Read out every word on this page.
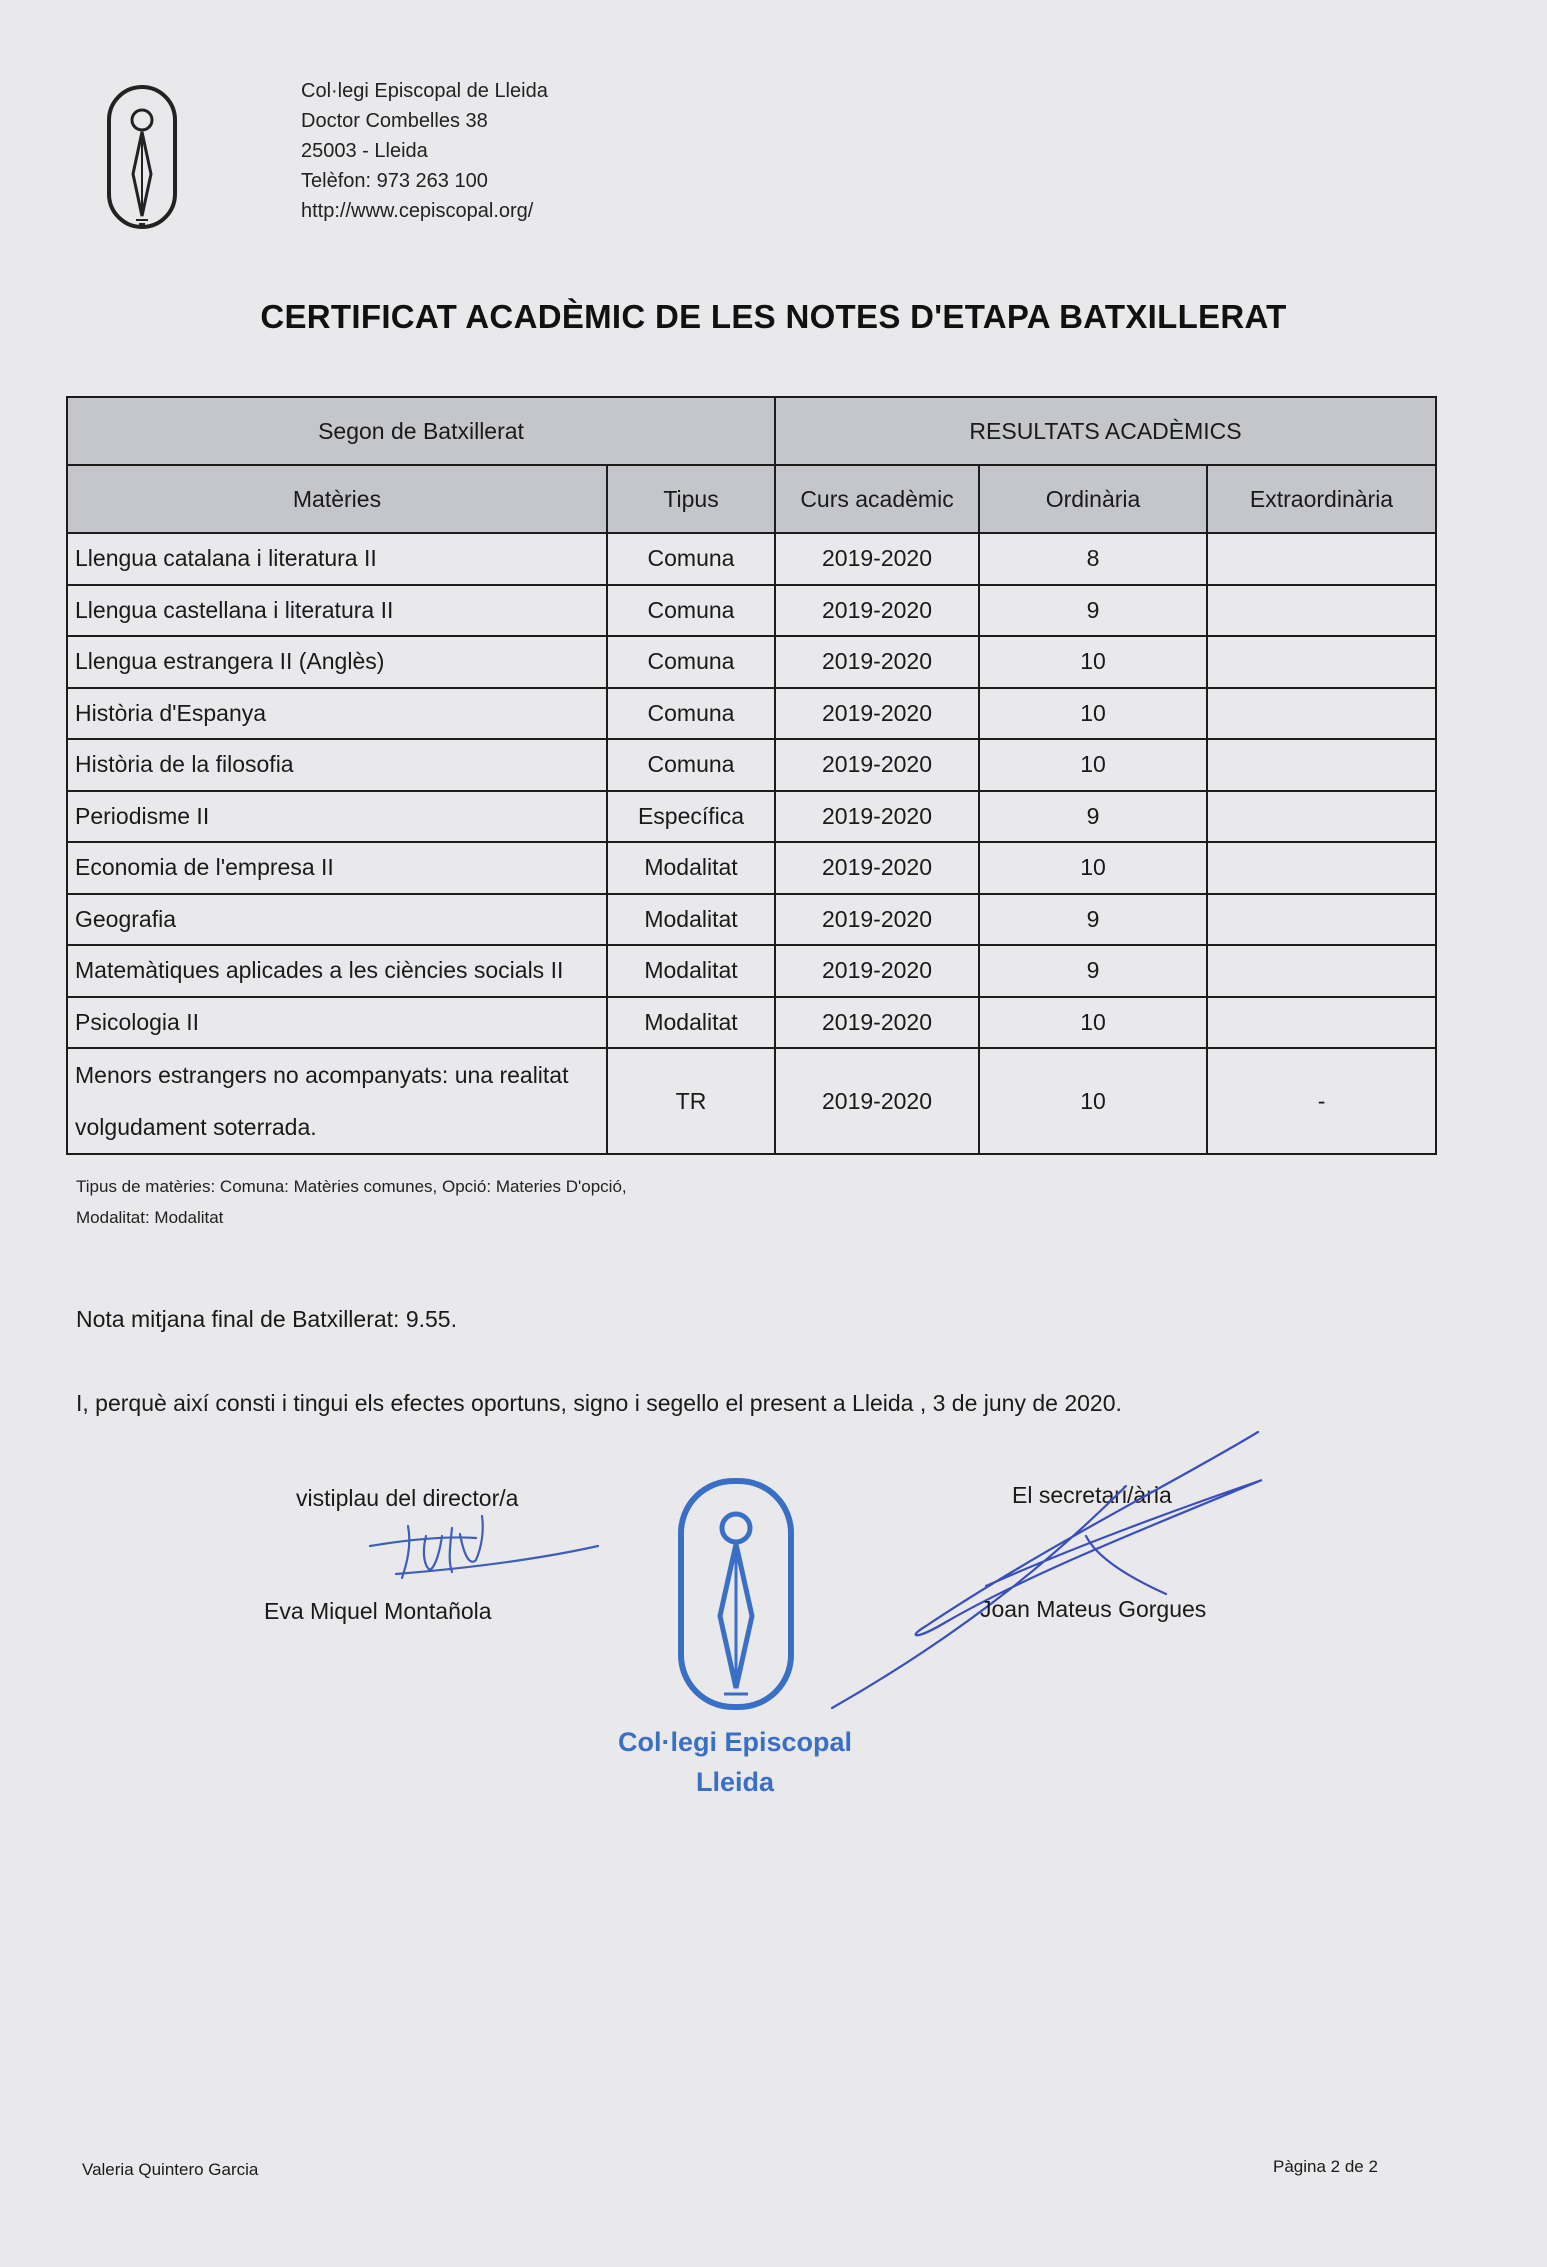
Col·legi Episcopal de Lleida
Doctor Combelles 38
25003 - Lleida
Telèfon: 973 263 100
http://www.cepiscopal.org/
CERTIFICAT ACADÈMIC DE LES NOTES D'ETAPA BATXILLERAT
Segon de Batxillerat		RESULTATS ACADÈMICS		
Matèries	Tipus	Curs acadèmic	Ordinària	Extraordinària
Llengua catalana i literatura II	Comuna	2019-2020	8	
Llengua castellana i literatura II	Comuna	2019-2020	9	
Llengua estrangera II (Anglès)	Comuna	2019-2020	10	
Història d'Espanya	Comuna	2019-2020	10	
Història de la filosofia	Comuna	2019-2020	10	
Periodisme II	Específica	2019-2020	9	
Economia de l'empresa II	Modalitat	2019-2020	10	
Geografia	Modalitat	2019-2020	9	
Matemàtiques aplicades a les ciències socials II	Modalitat	2019-2020	9	
Psicologia II	Modalitat	2019-2020	10	
Menors estrangers no acompanyats: una realitat
volgudament soterrada.	TR	2019-2020	10	-
Tipus de matèries: Comuna: Matèries comunes, Opció: Materies D'opció,
Modalitat: Modalitat
Nota mitjana final de Batxillerat: 9.55.
I, perquè així consti i tingui els efectes oportuns, signo i segello el present a Lleida , 3 de juny de 2020.
vistiplau del director/a
Eva Miquel Montañola
Col·legi Episcopal
Lleida
El secretari/ària
Joan Mateus Gorgues
Valeria Quintero Garcia	Pàgina 2 de 2
